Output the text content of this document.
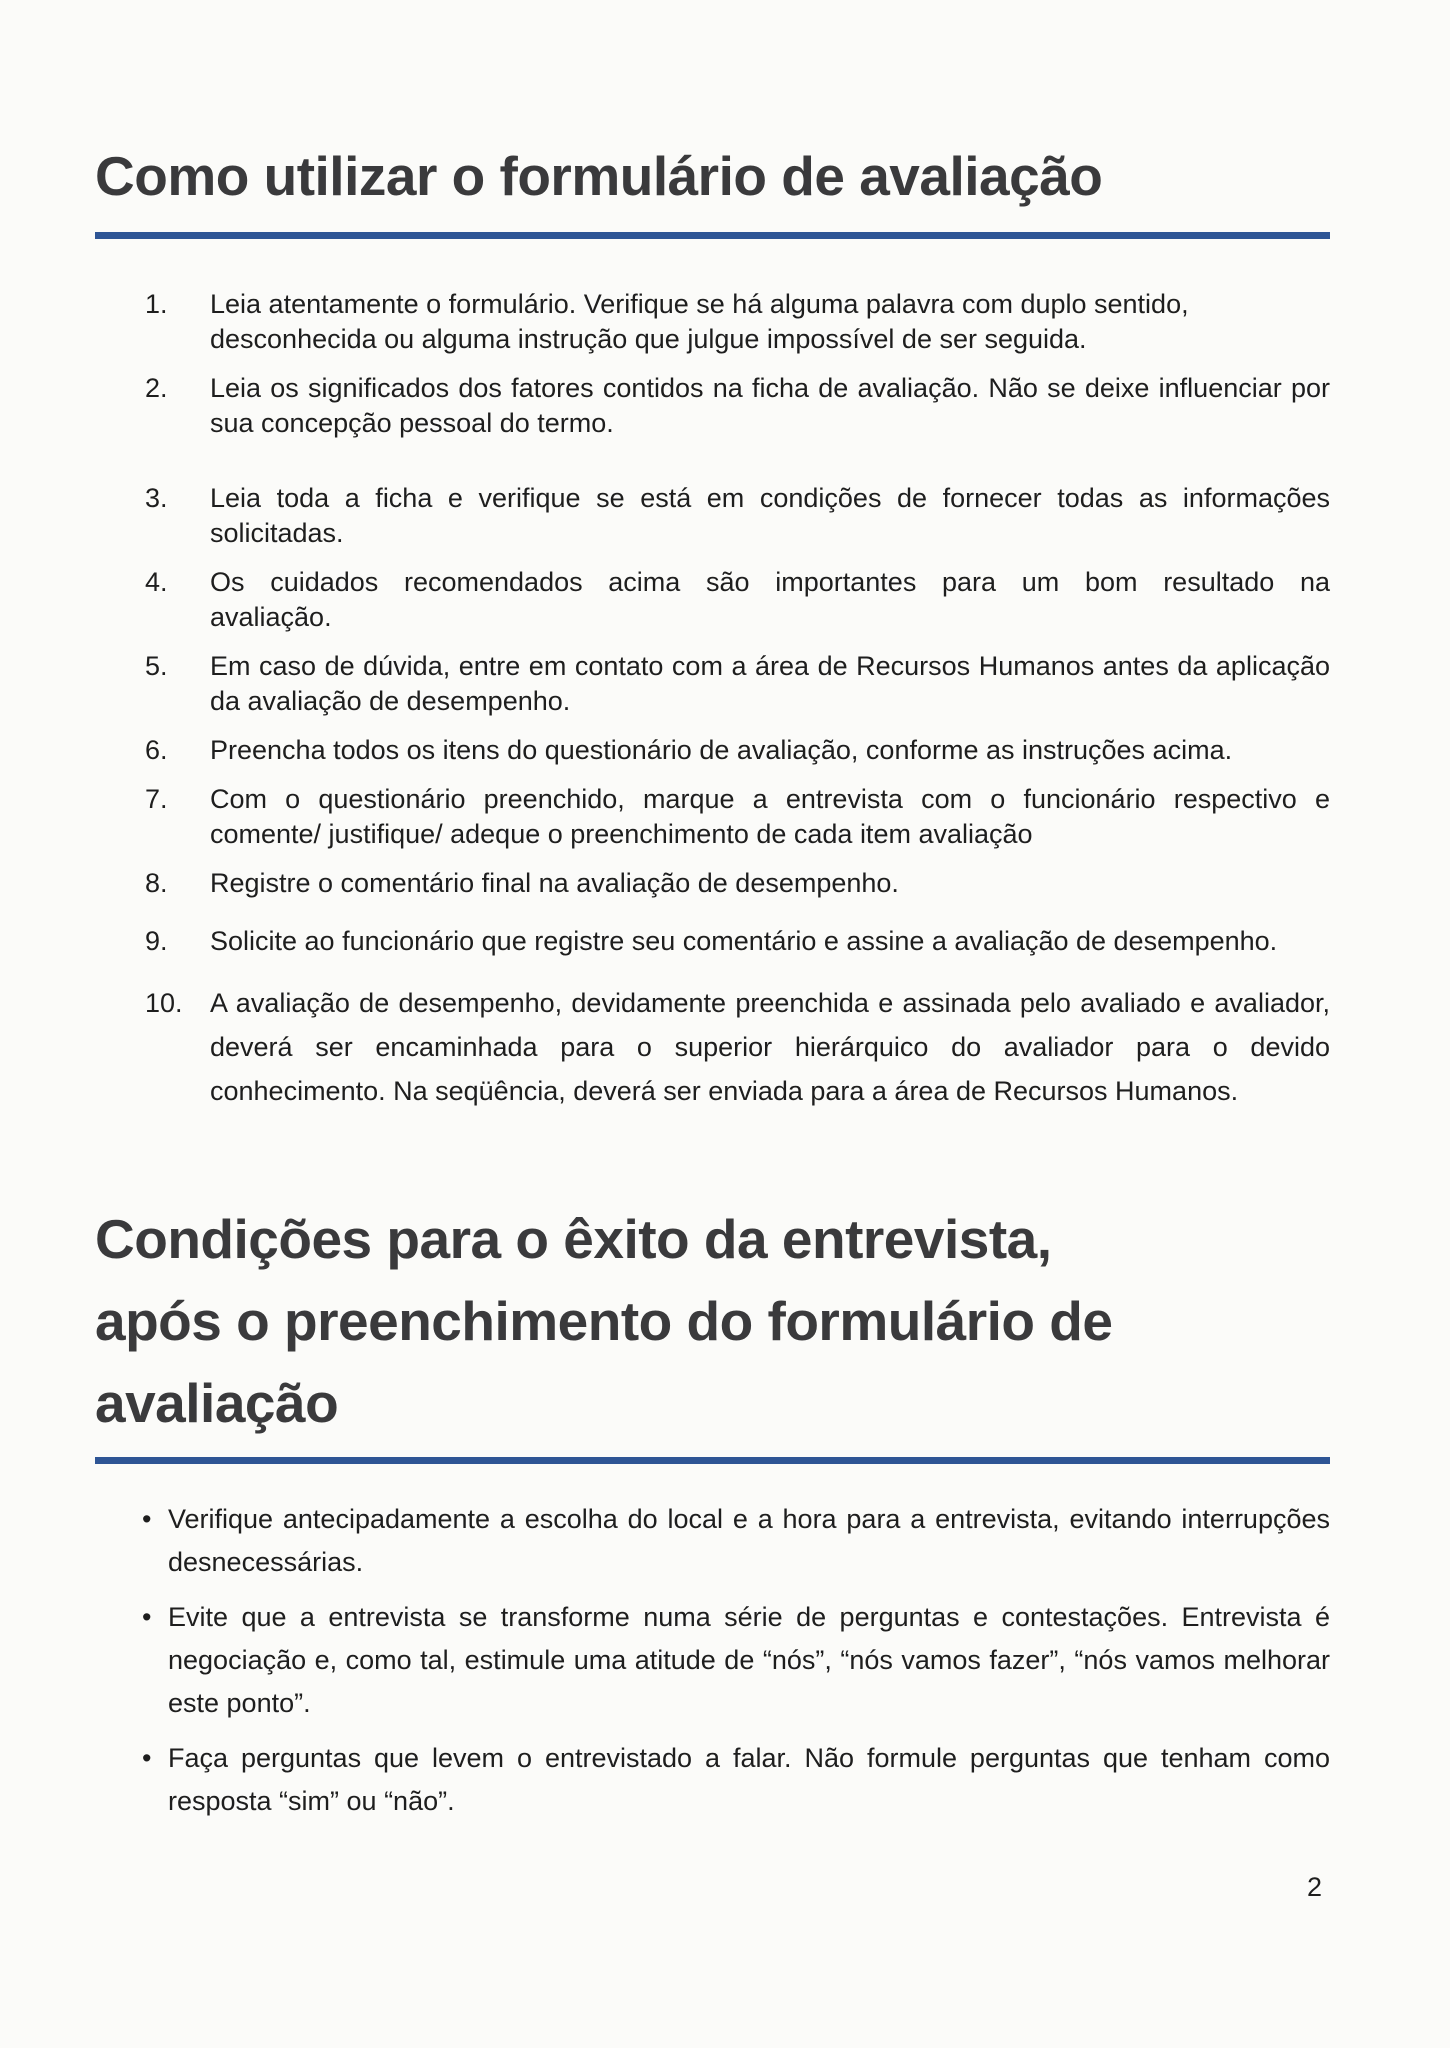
Como utilizar o formulário de avaliação
1.	Leia atentamente o formulário. Verifique se há alguma palavra com duplo sentido, desconhecida ou alguma instrução que julgue impossível de ser seguida.
2.	Leia os significados dos fatores contidos na ficha de avaliação. Não se deixe influenciar por sua concepção pessoal do termo.
3.	Leia toda a ficha e verifique se está em condições de fornecer todas as informações solicitadas.
4.	Os cuidados recomendados acima são importantes para um bom resultado na
avaliação.
5.	Em caso de dúvida, entre em contato com a área de Recursos Humanos antes da aplicação da avaliação de desempenho.
6.	Preencha todos os itens do questionário de avaliação, conforme as instruções acima.
7.	Com o questionário preenchido, marque a entrevista com o funcionário respectivo e comente/ justifique/ adeque o preenchimento de cada item avaliação
8.	Registre o comentário final na avaliação de desempenho.
9.	Solicite ao funcionário que registre seu comentário e assine a avaliação de desempenho.
10.	A avaliação de desempenho, devidamente preenchida e assinada pelo avaliado e avaliador, deverá ser encaminhada para o superior hierárquico do avaliador para o devido conhecimento. Na seqüência, deverá ser enviada para a área de Recursos Humanos.
Condições para o êxito da entrevista,
após o preenchimento do formulário de
avaliação
• Verifique antecipadamente a escolha do local e a hora para a entrevista, evitando interrupções desnecessárias.
• Evite que a entrevista se transforme numa série de perguntas e contestações. Entrevista é negociação e, como tal, estimule uma atitude de “nós”, “nós vamos fazer”, “nós vamos melhorar este ponto”.
• Faça perguntas que levem o entrevistado a falar. Não formule perguntas que tenham como resposta “sim” ou “não”.
2
